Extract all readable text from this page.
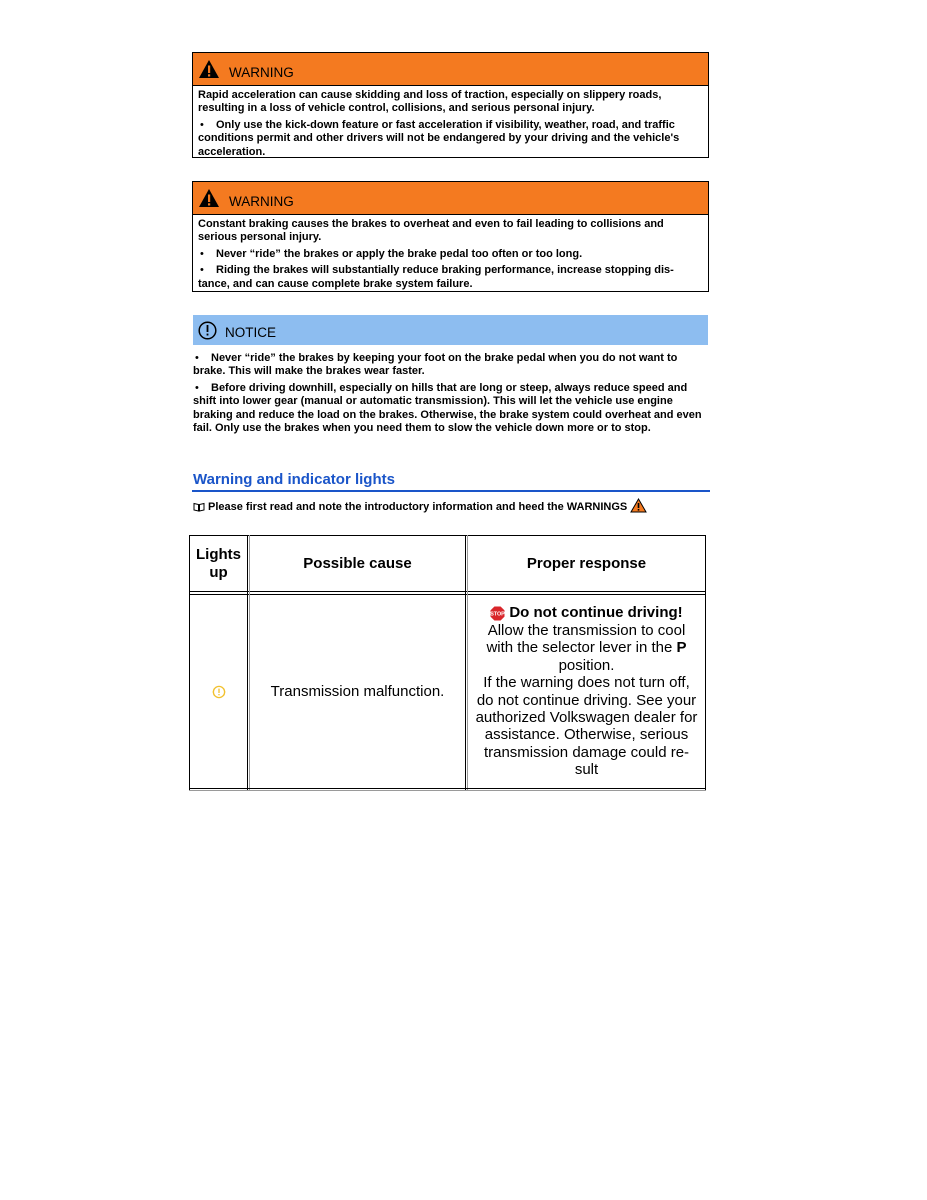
WARNING

Rapid acceleration can cause skidding and loss of traction, especially on slippery roads, resulting in a loss of vehicle control, collisions, and serious personal injury.

• Only use the kick-down feature or fast acceleration if visibility, weather, road, and traffic conditions permit and other drivers will not be endangered by your driving and the vehicle's acceleration.

WARNING

Constant braking causes the brakes to overheat and even to fail leading to collisions and serious personal injury.

• Never “ride” the brakes or apply the brake pedal too often or too long.

• Riding the brakes will substantially reduce braking performance, increase stopping dis-tance, and can cause complete brake system failure.

NOTICE

• Never “ride” the brakes by keeping your foot on the brake pedal when you do not want to brake. This will make the brakes wear faster.

• Before driving downhill, especially on hills that are long or steep, always reduce speed and shift into lower gear (manual or automatic transmission). This will let the vehicle use engine braking and reduce the load on the brakes. Otherwise, the brake system could overheat and even fail. Only use the brakes when you need them to slow the vehicle down more or to stop.

Warning and indicator lights
Please first read and note the introductory information and heed the WARNINGS
Lights up
Possible cause	Proper response
Transmission malfunction.
STOP Do not continue driving!
Allow the transmission to cool with the selector lever in the P position.
If the warning does not turn off, do not continue driving. See your authorized Volkswagen dealer for assistance. Otherwise, serious transmission damage could re-sult
